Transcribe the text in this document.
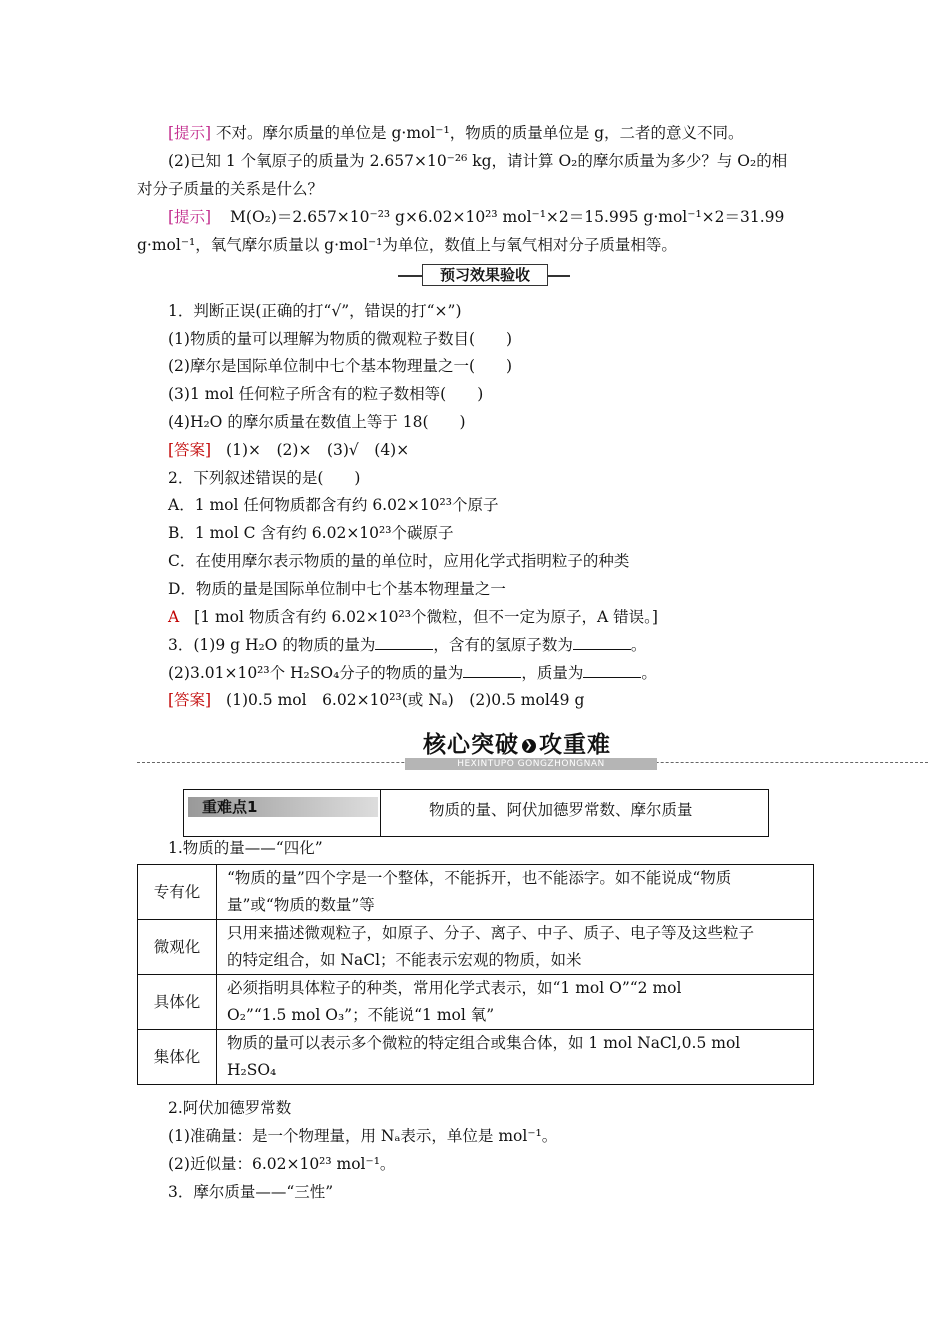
[提示] 不对。摩尔质量的单位是 g·mol⁻¹，物质的质量单位是 g，二者的意义不同。
(2)已知 1 个氧原子的质量为 2.657×10⁻²⁶ kg，请计算 O₂的摩尔质量为多少？与 O₂的相
对分子质量的关系是什么？
[提示] M(O₂)＝2.657×10⁻²³ g×6.02×10²³ mol⁻¹×2＝15.995 g·mol⁻¹×2＝31.99
g·mol⁻¹，氧气摩尔质量以 g·mol⁻¹为单位，数值上与氧气相对分子质量相等。
预习效果验收
1．判断正误(正确的打“√”，错误的打“×”)
(1)物质的量可以理解为物质的微观粒子数目(　　)
(2)摩尔是国际单位制中七个基本物理量之一(　　)
(3)1 mol 任何粒子所含有的粒子数相等(　　)
(4)H₂O 的摩尔质量在数值上等于 18(　　)
[答案] (1)×　(2)×　(3)√　(4)×
2．下列叙述错误的是(　　)
A．1 mol 任何物质都含有约 6.02×10²³个原子
B．1 mol C 含有约 6.02×10²³个碳原子
C．在使用摩尔表示物质的量的单位时，应用化学式指明粒子的种类
D．物质的量是国际单位制中七个基本物理量之一
A [1 mol 物质含有约 6.02×10²³个微粒，但不一定为原子，A 错误。]
3．(1)9 g H₂O 的物质的量为	，含有的氢原子数为	。
(2)3.01×10²³个 H₂SO₄分子的物质的量为	，质量为	。
[答案] (1)0.5 mol　6.02×10²³(或 Nₐ)　(2)0.5 mol49 g
核心突破 ❯ 攻重难
HEXINTUPO GONGZHONGNAN
重难点1	物质的量、阿伏加德罗常数、摩尔质量
1.物质的量——“四化”
专有化	“物质的量”四个字是一个整体，不能拆开，也不能添字。如不能说成“物质
量”或“物质的数量”等

微观化	只用来描述微观粒子，如原子、分子、离子、中子、质子、电子等及这些粒子
的特定组合，如 NaCl；不能表示宏观的物质，如米

具体化	必须指明具体粒子的种类，常用化学式表示，如“1 mol O”“2 mol
O₂”“1.5 mol O₃”；不能说“1 mol 氧”

集体化	物质的量可以表示多个微粒的特定组合或集合体，如 1 mol NaCl,0.5 mol
H₂SO₄
2.阿伏加德罗常数
(1)准确量：是一个物理量，用 Nₐ表示，单位是 mol⁻¹。
(2)近似量：6.02×10²³ mol⁻¹。
3．摩尔质量——“三性”
